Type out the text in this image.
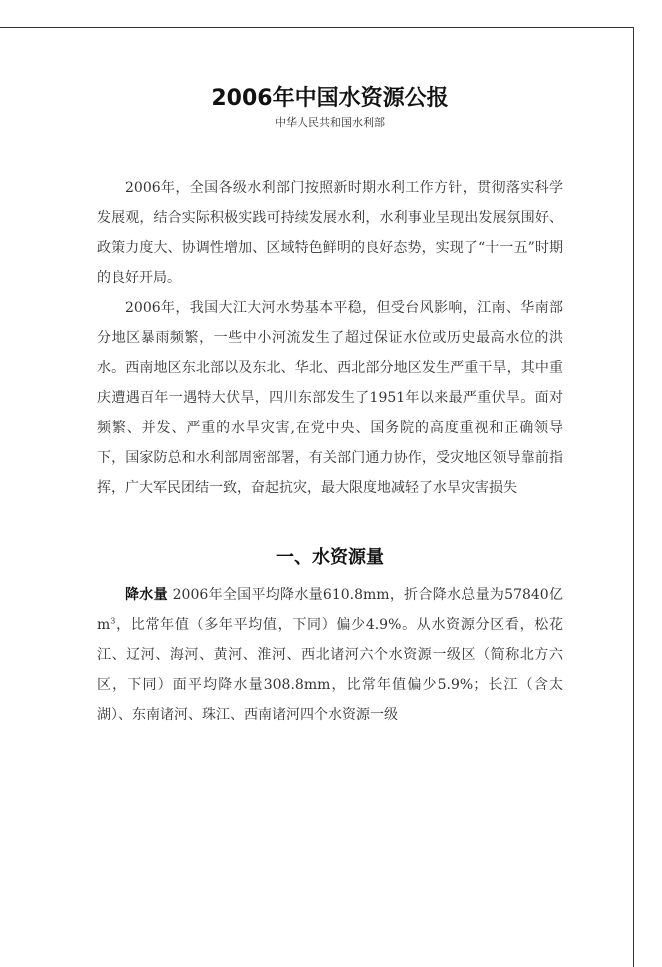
2006年中国水资源公报

中华人民共和国水利部

2006年，全国各级水利部门按照新时期水利工作方针，贯彻落实科学发展观，结合实际积极实践可持续发展水利，水利事业呈现出发展氛围好、政策力度大、协调性增加、区域特色鲜明的良好态势，实现了“十一五”时期的良好开局。

2006年，我国大江大河水势基本平稳，但受台风影响，江南、华南部分地区暴雨频繁，一些中小河流发生了超过保证水位或历史最高水位的洪水。西南地区东北部以及东北、华北、西北部分地区发生严重干旱，其中重庆遭遇百年一遇特大伏旱，四川东部发生了1951年以来最严重伏旱。面对频繁、并发、严重的水旱灾害,在党中央、国务院的高度重视和正确领导下，国家防总和水利部周密部署，有关部门通力协作，受灾地区领导靠前指挥，广大军民团结一致，奋起抗灾，最大限度地减轻了水旱灾害损失

一、水资源量

降水量 2006年全国平均降水量610.8mm，折合降水总量为57840亿$m^3$，比常年值（多年平均值，下同）偏少4.9%。从水资源分区看，松花江、辽河、海河、黄河、淮河、西北诸河六个水资源一级区（简称北方六区，下同）面平均降水量308.8mm，比常年值偏少5.9%；长江（含太湖）、东南诸河、珠江、西南诸河四个水资源一级
